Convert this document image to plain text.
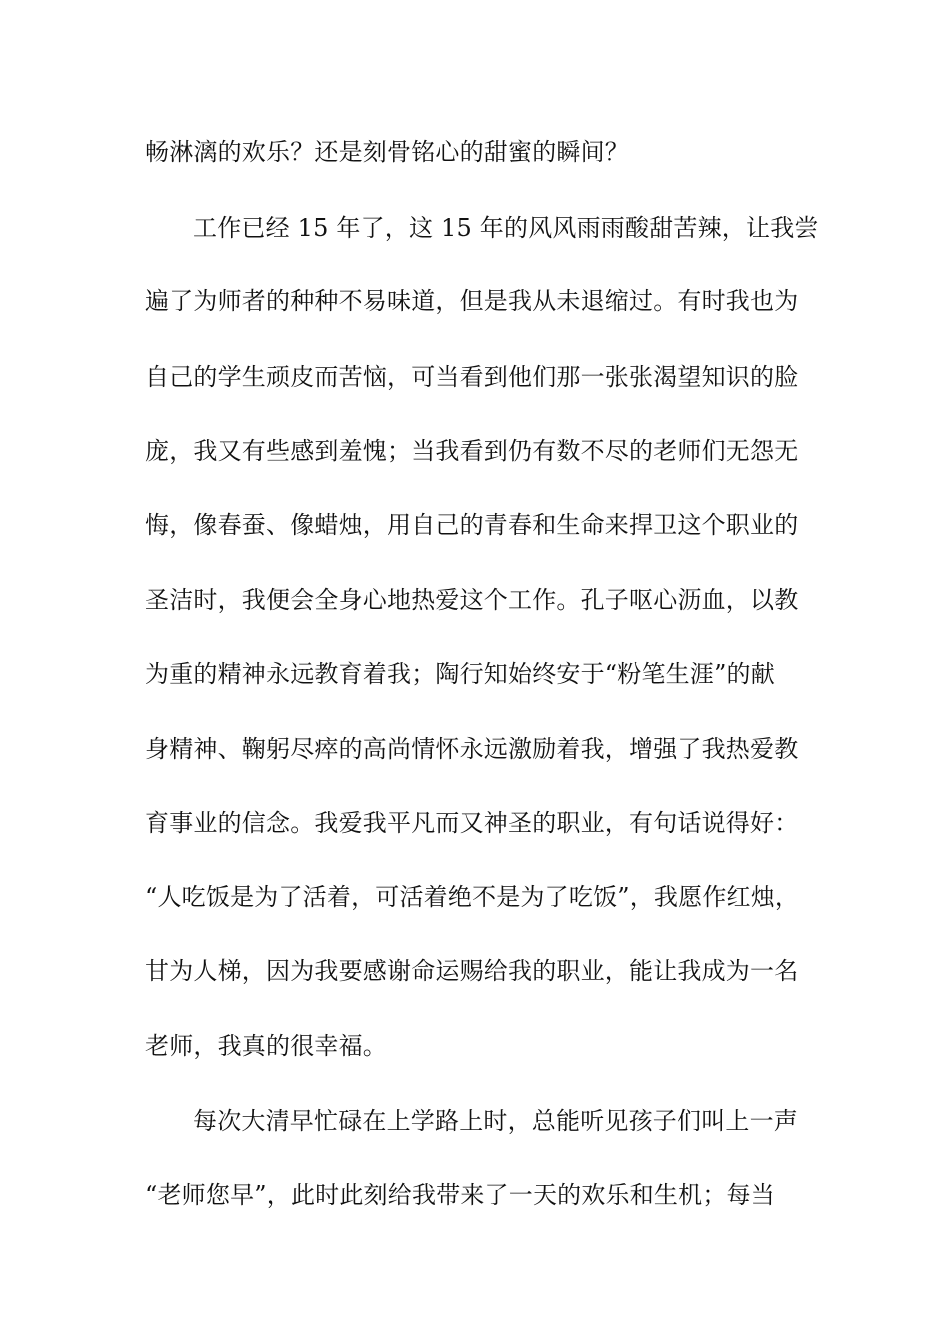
畅淋漓的欢乐？还是刻骨铭心的甜蜜的瞬间？
工作已经 15 年了，这 15 年的风风雨雨酸甜苦辣，让我尝
遍了为师者的种种不易味道，但是我从未退缩过。有时我也为
自己的学生顽皮而苦恼，可当看到他们那一张张渴望知识的脸
庞，我又有些感到羞愧；当我看到仍有数不尽的老师们无怨无
悔，像春蚕、像蜡烛，用自己的青春和生命来捍卫这个职业的
圣洁时，我便会全身心地热爱这个工作。孔子呕心沥血，以教
为重的精神永远教育着我；陶行知始终安于“粉笔生涯”的献
身精神、鞠躬尽瘁的高尚情怀永远激励着我，增强了我热爱教
育事业的信念。我爱我平凡而又神圣的职业，有句话说得好：
“人吃饭是为了活着，可活着绝不是为了吃饭”，我愿作红烛，
甘为人梯，因为我要感谢命运赐给我的职业，能让我成为一名
老师，我真的很幸福。
每次大清早忙碌在上学路上时，总能听见孩子们叫上一声
“老师您早”，此时此刻给我带来了一天的欢乐和生机；每当
